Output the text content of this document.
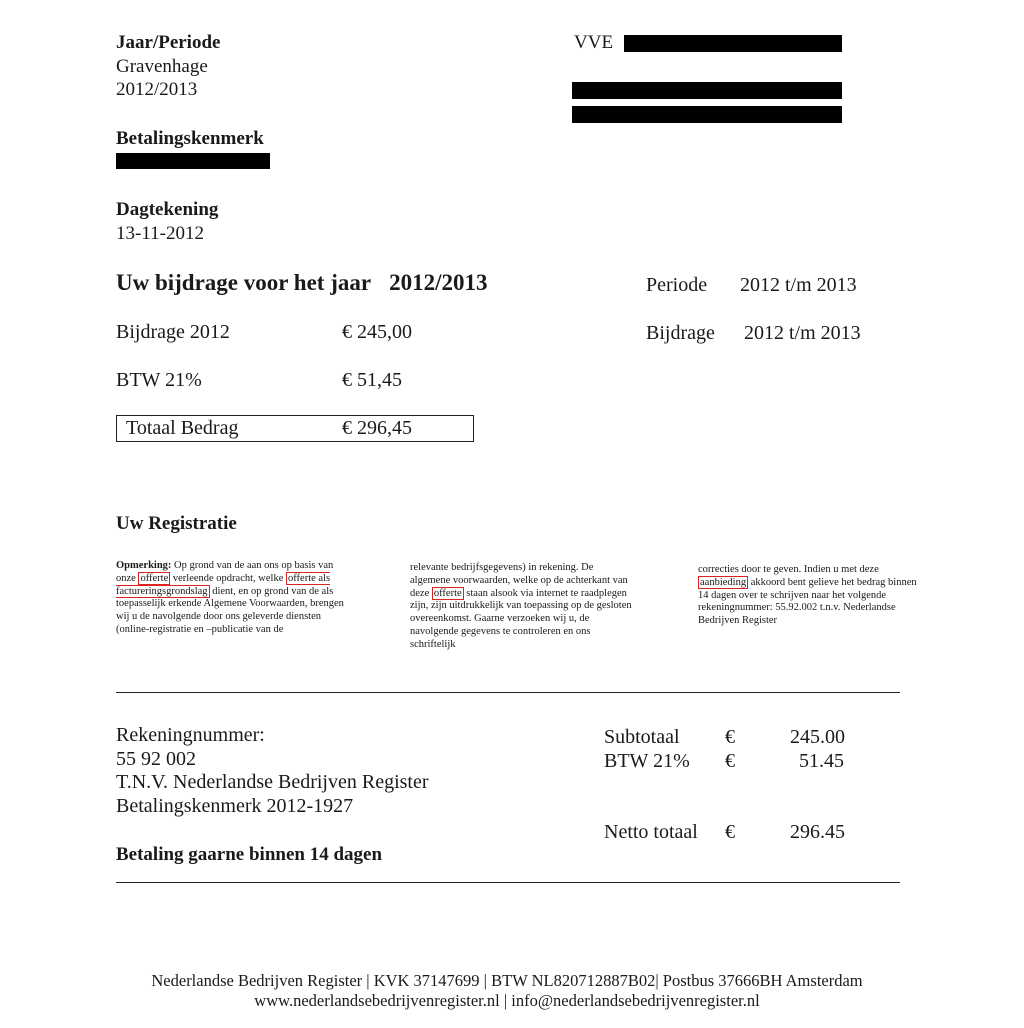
Jaar/Periode
Gravenhage
2012/2013
Betalingskenmerk
Dagtekening
13-11-2012
VVE
Uw bijdrage voor het jaar 2012/2013	Periode 2012 t/m 2013
Bijdrage 2012 t/m 2013
Bijdrage 2012	€ 245,00
BTW 21%	€ 51,45
Totaal Bedrag	€ 296,45
Uw Registratie
Opmerking: Op grond van de aan ons op basis van onze offerte verleende opdracht, welke offerte als factureringsgrondslag dient, en op grond van de als toepasselijk erkende Algemene Voorwaarden, brengen wij u de navolgende door ons geleverde diensten (online-registratie en –publicatie van de
relevante bedrijfsgegevens) in rekening. De algemene voorwaarden, welke op de achterkant van deze offerte staan alsook via internet te raadplegen zijn, zijn uitdrukkelijk van toepassing op de gesloten overeenkomst. Gaarne verzoeken wij u, de navolgende gegevens te controleren en ons schriftelijk
correcties door te geven. Indien u met deze aanbieding akkoord bent gelieve het bedrag binnen 14 dagen over te schrijven naar het volgende rekeningnummer: 55.92.002 t.n.v. Nederlandse Bedrijven Register
Rekeningnummer:
55 92 002
T.N.V. Nederlandse Bedrijven Register
Betalingskenmerk 2012-1927
Betaling gaarne binnen 14 dagen
Subtotaal €	245.00
BTW 21% €	51.45
Netto totaal €	296.45
Nederlandse Bedrijven Register | KVK 37147699 | BTW NL820712887B02| Postbus 37666BH Amsterdam
www.nederlandsebedrijvenregister.nl | info@nederlandsebedrijvenregister.nl
